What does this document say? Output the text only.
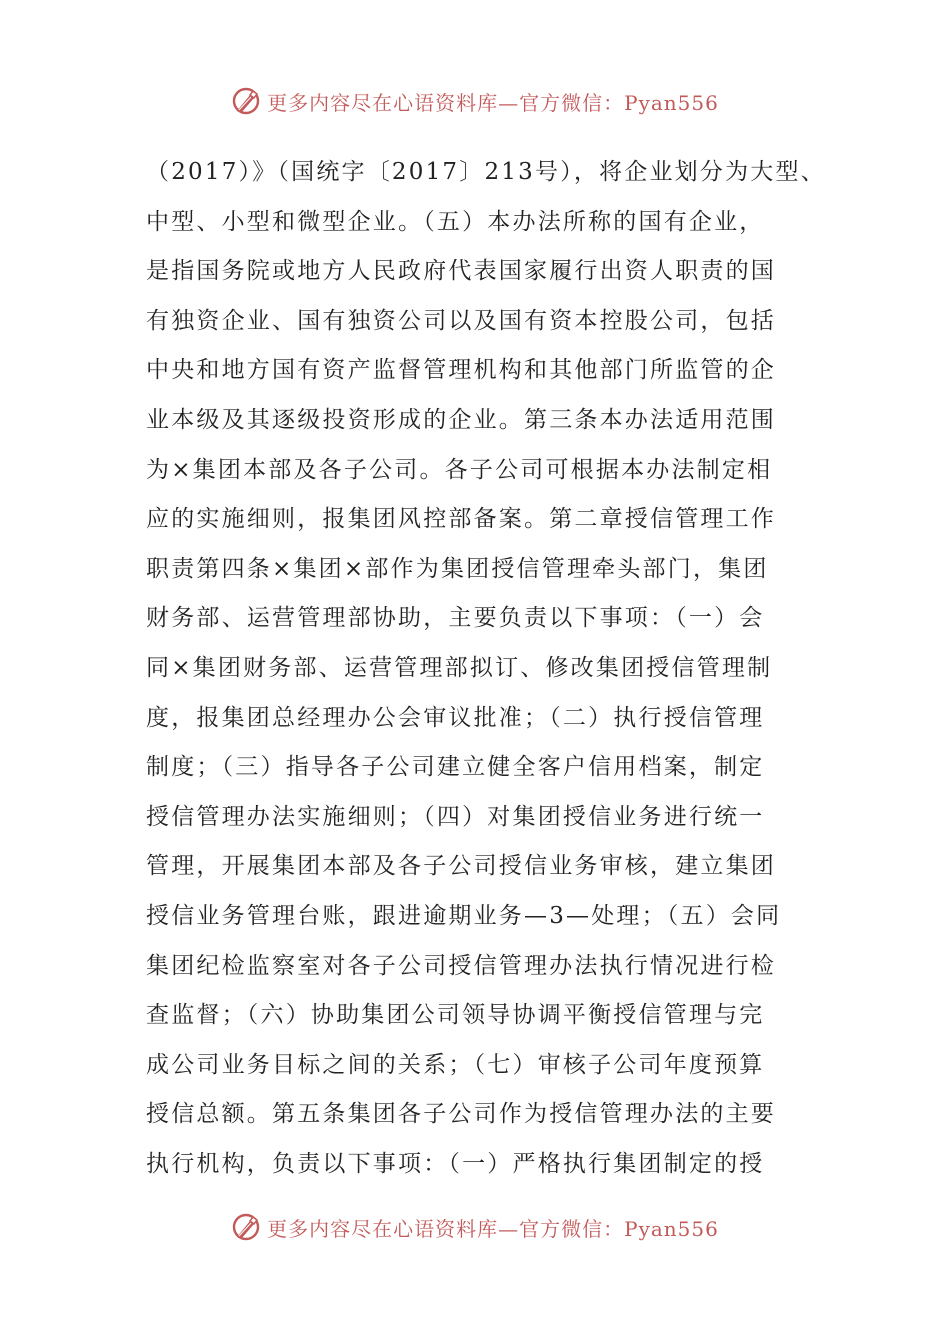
更多内容尽在心语资料库—官方微信：Pyan556
（2017）》（国统字〔2017〕213号），将企业划分为大型、
中型、小型和微型企业。（五）本办法所称的国有企业，
是指国务院或地方人民政府代表国家履行出资人职责的国
有独资企业、国有独资公司以及国有资本控股公司，包括
中央和地方国有资产监督管理机构和其他部门所监管的企
业本级及其逐级投资形成的企业。第三条本办法适用范围
为×集团本部及各子公司。各子公司可根据本办法制定相
应的实施细则，报集团风控部备案。第二章授信管理工作
职责第四条×集团×部作为集团授信管理牵头部门，集团
财务部、运营管理部协助，主要负责以下事项：（一）会
同×集团财务部、运营管理部拟订、修改集团授信管理制
度，报集团总经理办公会审议批准；（二）执行授信管理
制度；（三）指导各子公司建立健全客户信用档案，制定
授信管理办法实施细则；（四）对集团授信业务进行统一
管理，开展集团本部及各子公司授信业务审核，建立集团
授信业务管理台账，跟进逾期业务—3—处理；（五）会同
集团纪检监察室对各子公司授信管理办法执行情况进行检
查监督；（六）协助集团公司领导协调平衡授信管理与完
成公司业务目标之间的关系；（七）审核子公司年度预算
授信总额。第五条集团各子公司作为授信管理办法的主要
执行机构，负责以下事项：（一）严格执行集团制定的授
更多内容尽在心语资料库—官方微信：Pyan556
